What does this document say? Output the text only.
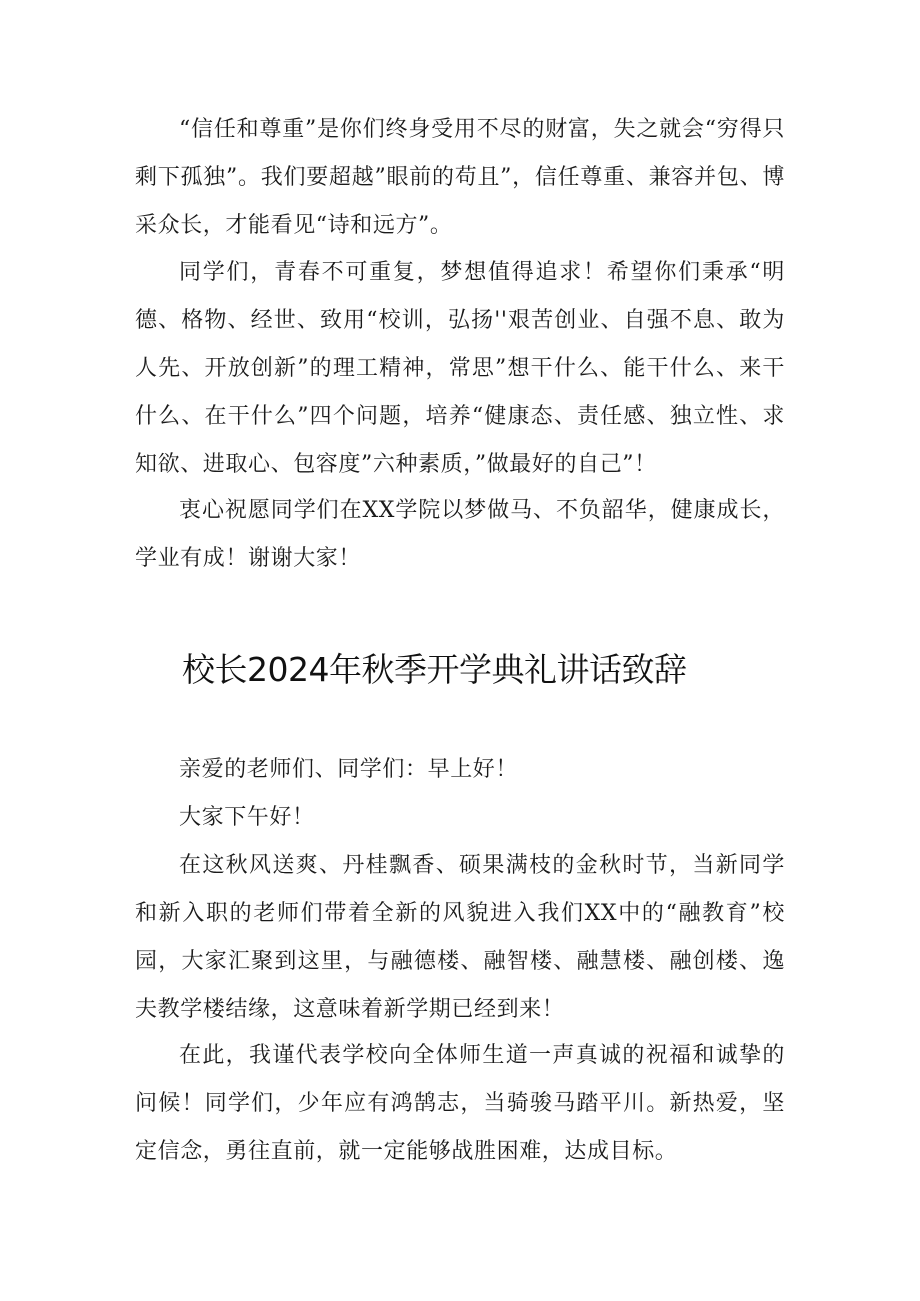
“信任和尊重”是你们终身受用不尽的财富，失之就会“穷得只剩下孤独”。我们要超越”眼前的苟且”，信任尊重、兼容并包、博采众长，才能看见“诗和远方”。

同学们，青春不可重复，梦想值得追求！希望你们秉承“明德、格物、经世、致用“校训，弘扬''艰苦创业、自强不息、敢为人先、开放创新”的理工精神，常思”想干什么、能干什么、来干什么、在干什么”四个问题，培养“健康态、责任感、独立性、求知欲、进取心、包容度”六种素质，”做最好的自己”！

衷心祝愿同学们在XX学院以梦做马、不负韶华，健康成长，学业有成！谢谢大家！

校长2024年秋季开学典礼讲话致辞

亲爱的老师们、同学们：早上好！

大家下午好！

在这秋风送爽、丹桂飘香、硕果满枝的金秋时节，当新同学和新入职的老师们带着全新的风貌进入我们XX中的“融教育”校园，大家汇聚到这里，与融德楼、融智楼、融慧楼、融创楼、逸夫教学楼结缘，这意味着新学期已经到来！

在此，我谨代表学校向全体师生道一声真诚的祝福和诚挚的问候！同学们，少年应有鸿鹄志，当骑骏马踏平川。新热爱，坚定信念，勇往直前，就一定能够战胜困难，达成目标。
